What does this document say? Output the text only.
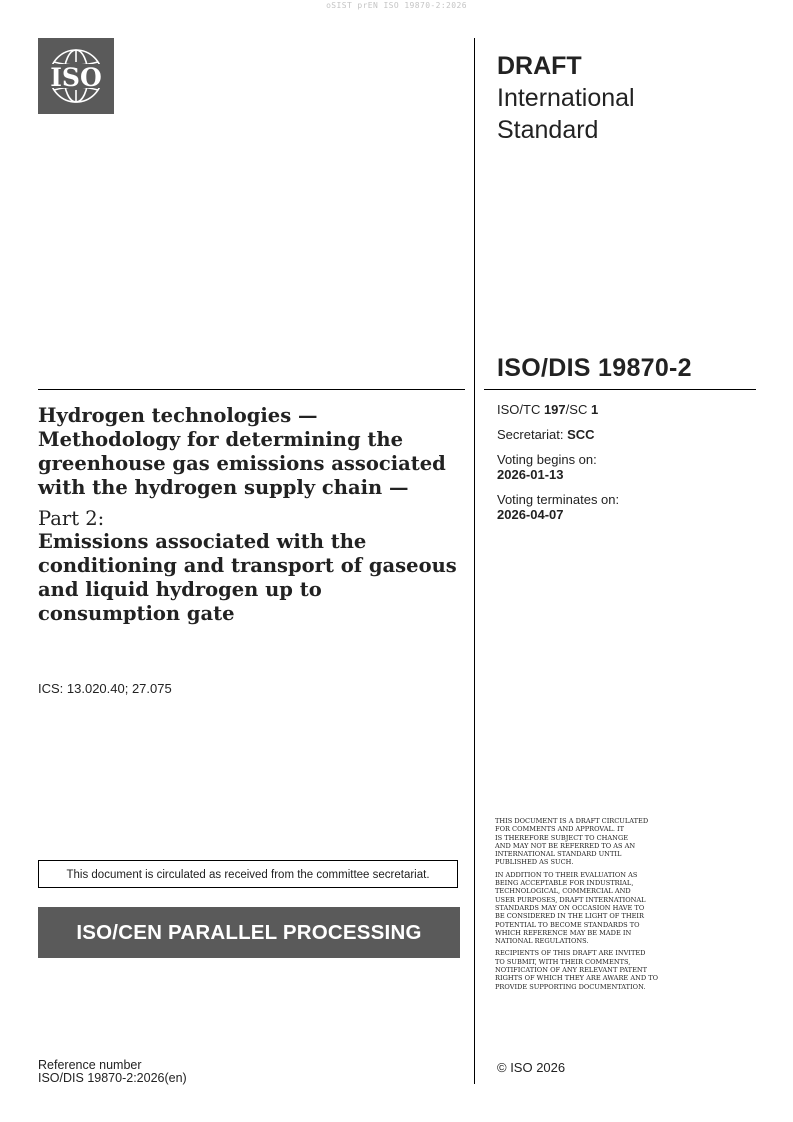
oSIST prEN ISO 19870-2:2026
ISO	DRAFT
International
Standard
ISO/DIS 19870-2
Hydrogen technologies — Methodology for determining the greenhouse gas emissions associated with the hydrogen supply chain —
Part 2:
Emissions associated with the conditioning and transport of gaseous and liquid hydrogen up to consumption gate
ICS: 13.020.40; 27.075
ISO/TC 197/SC 1
Secretariat: SCC
Voting begins on:
2026-01-13
Voting terminates on:
2026-04-07
This document is circulated as received from the committee secretariat.
ISO/CEN PARALLEL PROCESSING

THIS DOCUMENT IS A DRAFT CIRCULATED
FOR COMMENTS AND APPROVAL. IT
IS THEREFORE SUBJECT TO CHANGE
AND MAY NOT BE REFERRED TO AS AN
INTERNATIONAL STANDARD UNTIL
PUBLISHED AS SUCH.

IN ADDITION TO THEIR EVALUATION AS
BEING ACCEPTABLE FOR INDUSTRIAL,
TECHNOLOGICAL, COMMERCIAL AND
USER PURPOSES, DRAFT INTERNATIONAL
STANDARDS MAY ON OCCASION HAVE TO
BE CONSIDERED IN THE LIGHT OF THEIR
POTENTIAL TO BECOME STANDARDS TO
WHICH REFERENCE MAY BE MADE IN
NATIONAL REGULATIONS.

RECIPIENTS OF THIS DRAFT ARE INVITED
TO SUBMIT, WITH THEIR COMMENTS,
NOTIFICATION OF ANY RELEVANT PATENT
RIGHTS OF WHICH THEY ARE AWARE AND TO
PROVIDE SUPPORTING DOCUMENTATION.

© ISO 2026
Reference number
ISO/DIS 19870-2:2026(en)
